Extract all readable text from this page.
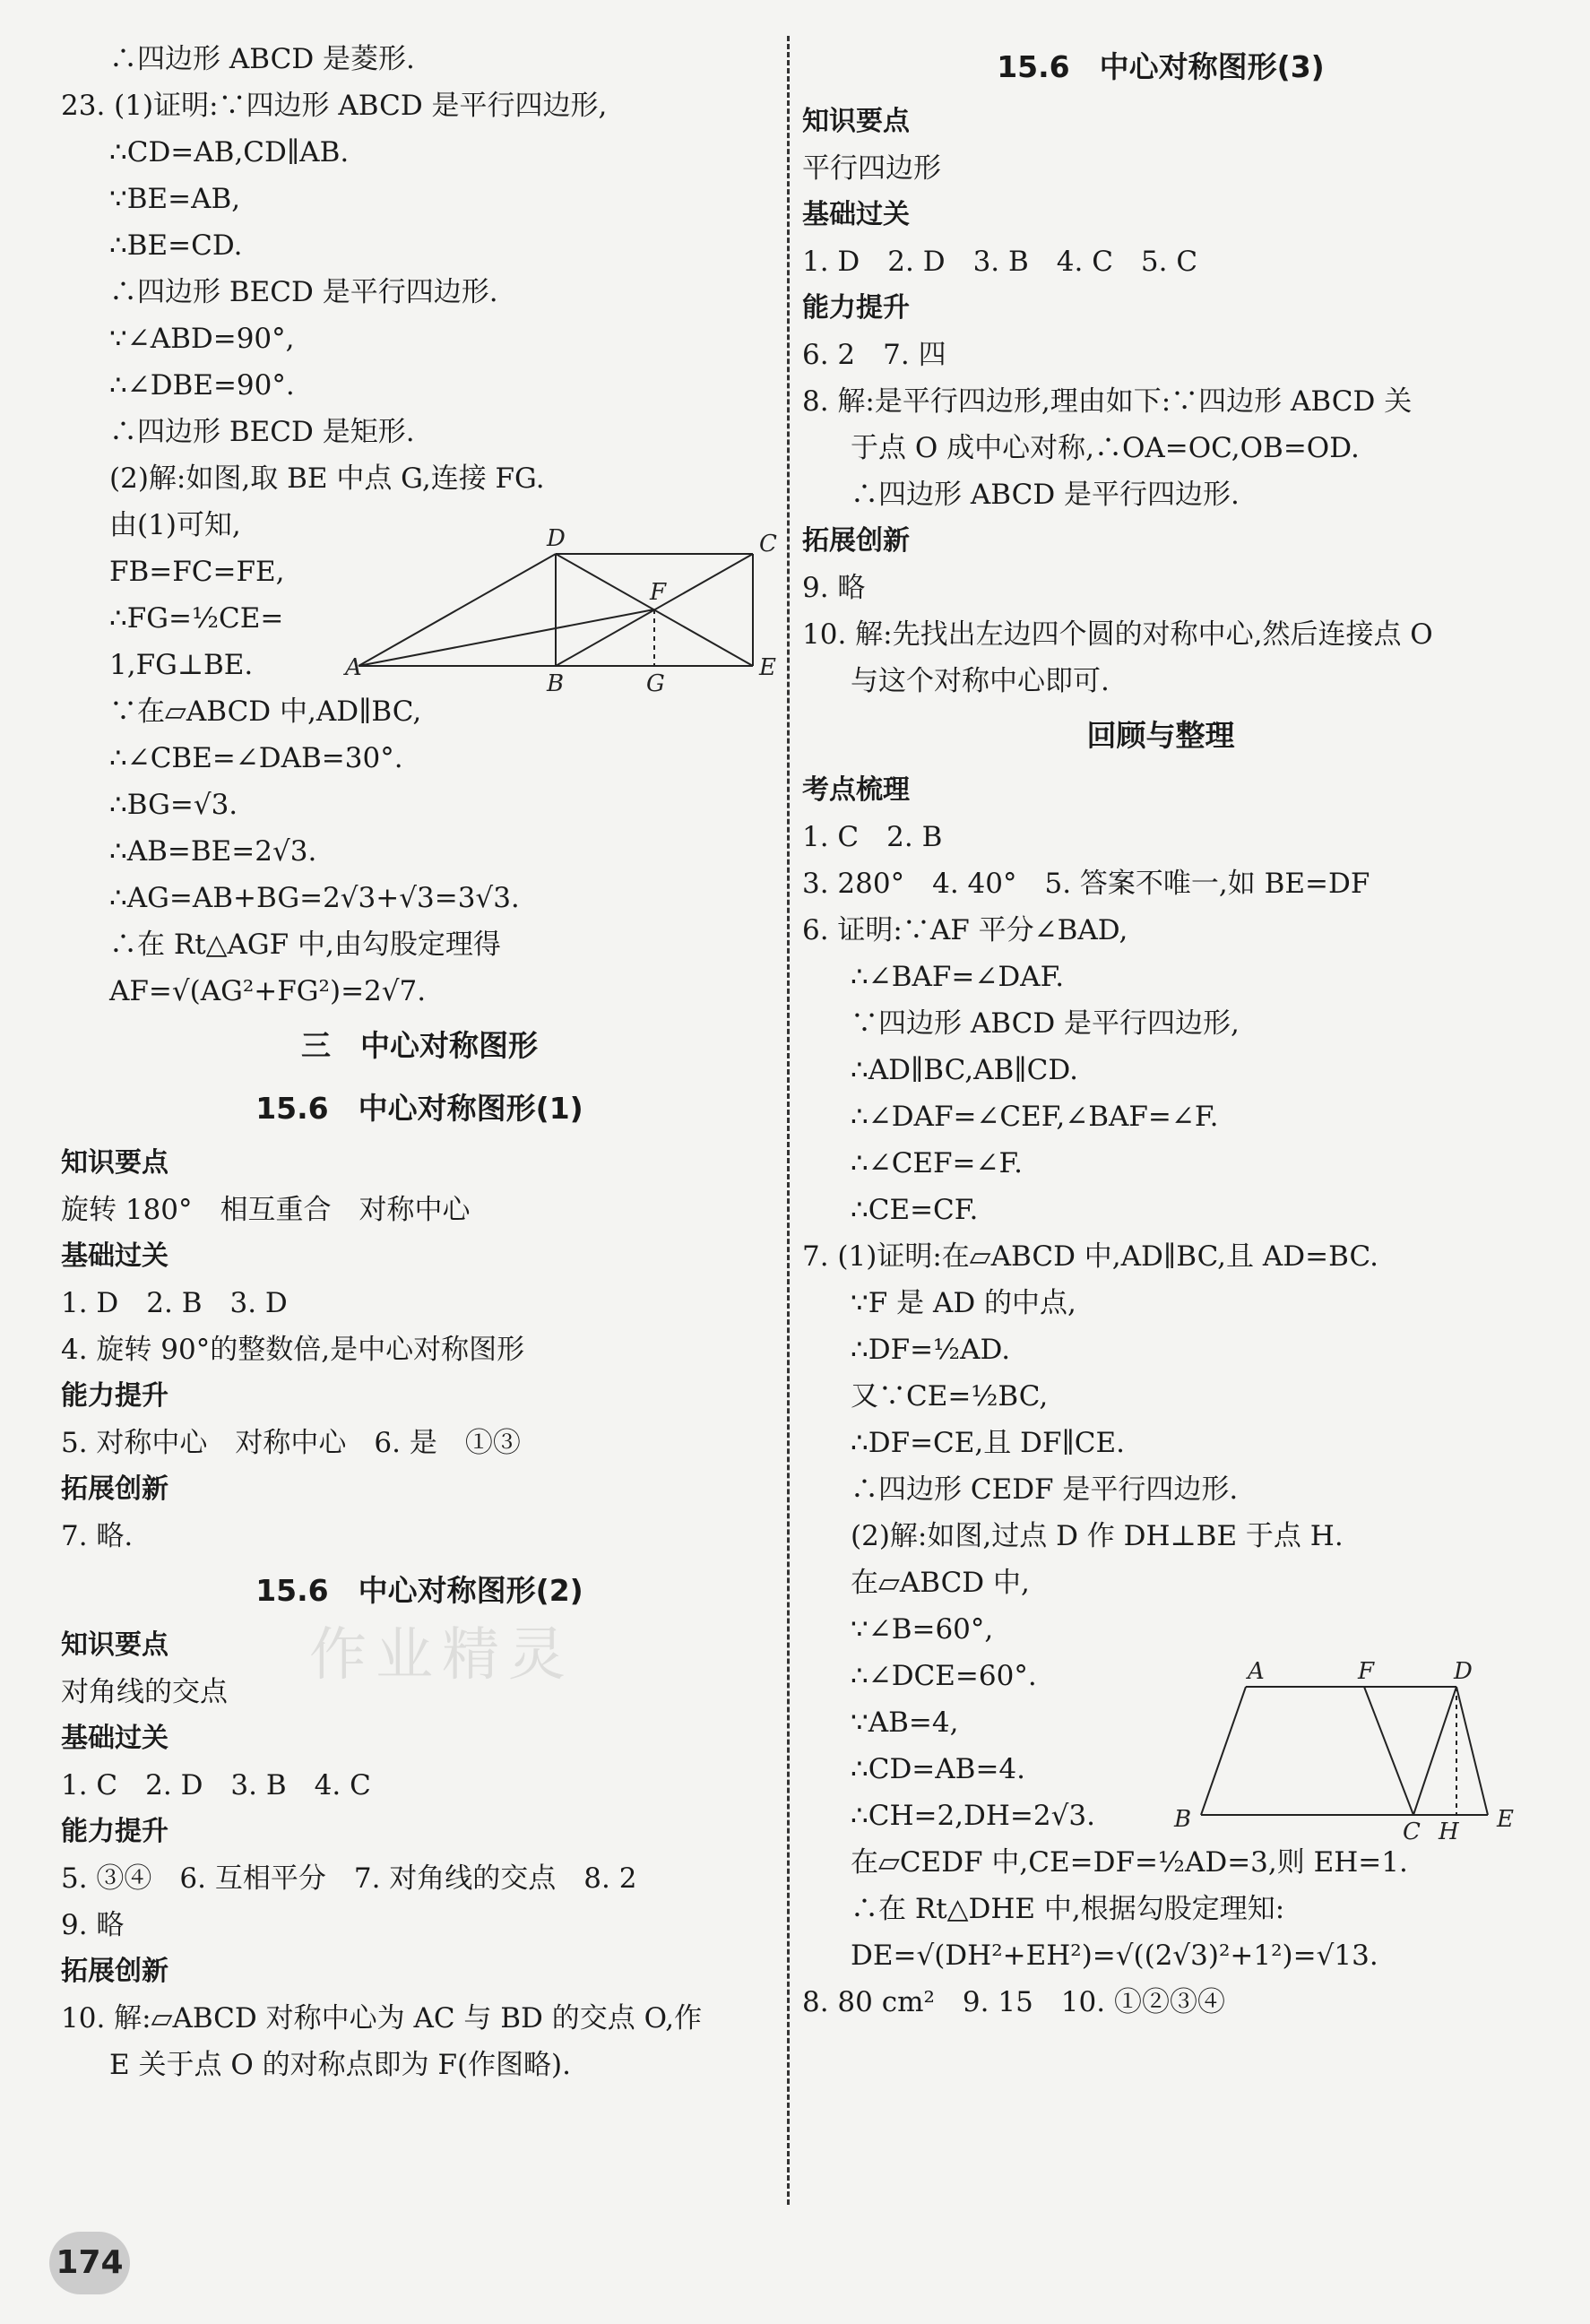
∴四边形 ABCD 是菱形.
23. (1)证明:∵四边形 ABCD 是平行四边形,
∴CD=AB,CD∥AB.
∵BE=AB,
∴BE=CD.
∴四边形 BECD 是平行四边形.
∵∠ABD=90°,
∴∠DBE=90°.
∴四边形 BECD 是矩形.
(2)解:如图,取 BE 中点 G,连接 FG.
由(1)可知,
FB=FC=FE,
∴FG=½CE=
1,FG⊥BE.
∵在▱ABCD 中,AD∥BC,
∴∠CBE=∠DAB=30°.
∴BG=√3.
∴AB=BE=2√3.
∴AG=AB+BG=2√3+√3=3√3.
∴在 Rt△AGF 中,由勾股定理得
AF=√(AG²+FG²)=2√7.
三　中心对称图形
15.6　中心对称图形(1)
知识要点
旋转 180°　相互重合　对称中心
基础过关
1. D　2. B　3. D
4. 旋转 90°的整数倍,是中心对称图形
能力提升
5. 对称中心　对称中心　6. 是　①③
拓展创新
7. 略.
15.6　中心对称图形(2)
知识要点
对角线的交点
基础过关
1. C　2. D　3. B　4. C
能力提升
5. ③④　6. 互相平分　7. 对角线的交点　8. 2
9. 略
拓展创新
10. 解:▱ABCD 对称中心为 AC 与 BD 的交点 O,作
E 关于点 O 的对称点即为 F(作图略).
15.6　中心对称图形(3)
知识要点
平行四边形
基础过关
1. D　2. D　3. B　4. C　5. C
能力提升
6. 2　7. 四
8. 解:是平行四边形,理由如下:∵四边形 ABCD 关
于点 O 成中心对称,∴OA=OC,OB=OD.
∴四边形 ABCD 是平行四边形.
拓展创新
9. 略
10. 解:先找出左边四个圆的对称中心,然后连接点 O
与这个对称中心即可.
回顾与整理
考点梳理
1. C　2. B
3. 280°　4. 40°　5. 答案不唯一,如 BE=DF
6. 证明:∵AF 平分∠BAD,
∴∠BAF=∠DAF.
∵四边形 ABCD 是平行四边形,
∴AD∥BC,AB∥CD.
∴∠DAF=∠CEF,∠BAF=∠F.
∴∠CEF=∠F.
∴CE=CF.
7. (1)证明:在▱ABCD 中,AD∥BC,且 AD=BC.
∵F 是 AD 的中点,
∴DF=½AD.
又∵CE=½BC,
∴DF=CE,且 DF∥CE.
∴四边形 CEDF 是平行四边形.
(2)解:如图,过点 D 作 DH⊥BE 于点 H.
在▱ABCD 中,
∵∠B=60°,
∴∠DCE=60°.
∵AB=4,
∴CD=AB=4.
∴CH=2,DH=2√3.
在▱CEDF 中,CE=DF=½AD=3,则 EH=1.
∴在 Rt△DHE 中,根据勾股定理知:
DE=√(DH²+EH²)=√((2√3)²+1²)=√13.
8. 80 cm²　9. 15　10. ①②③④
A
B	G
E
D	C
F
A	F	D
B	C H E
作业精灵
174
